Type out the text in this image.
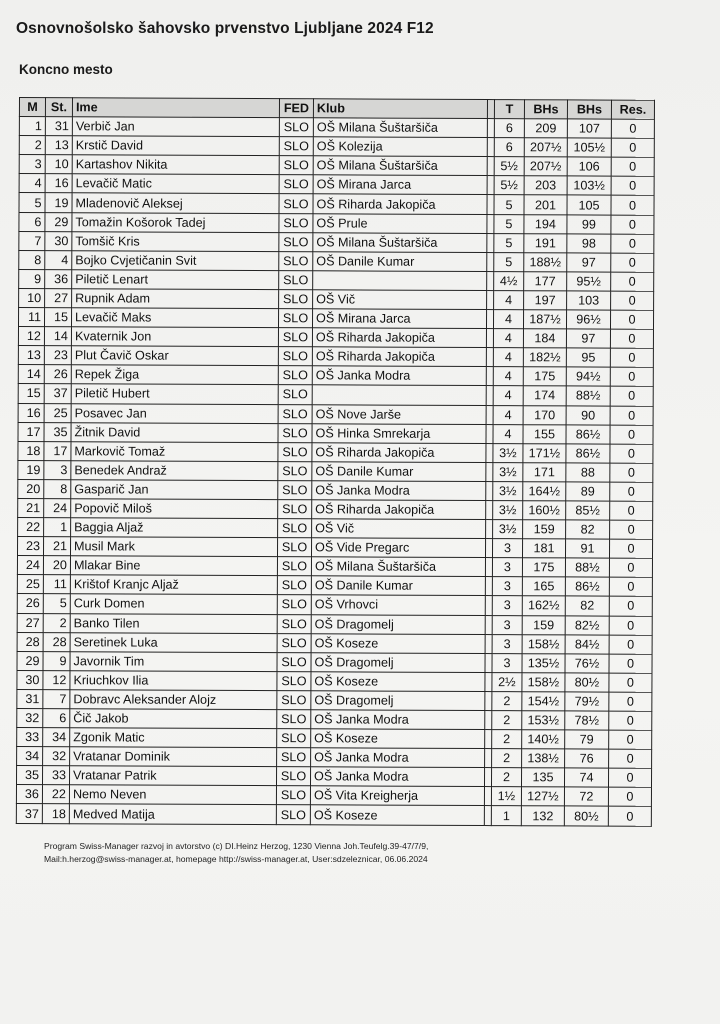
Osnovnošolsko šahovsko prvenstvo Ljubljane 2024 F12
Koncno mesto
M	St.	Ime	FED	Klub		T	BHs	BHs	Res.
1	31	Verbič Jan	SLO	OŠ Milana Šuštaršiča		6	209	107	0
2	13	Krstič David	SLO	OŠ Kolezija		6	207½	105½	0
3	10	Kartashov Nikita	SLO	OŠ Milana Šuštaršiča		5½	207½	106	0
4	16	Levačič Matic	SLO	OŠ Mirana Jarca		5½	203	103½	0
5	19	Mladenovič Aleksej	SLO	OŠ Riharda Jakopiča		5	201	105	0
6	29	Tomažin Košorok Tadej	SLO	OŠ Prule		5	194	99	0
7	30	Tomšič Kris	SLO	OŠ Milana Šuštaršiča		5	191	98	0
8	4	Bojko Cvjetičanin Svit	SLO	OŠ Danile Kumar		5	188½	97	0
9	36	Piletič Lenart	SLO			4½	177	95½	0
10	27	Rupnik Adam	SLO	OŠ Vič		4	197	103	0
11	15	Levačič Maks	SLO	OŠ Mirana Jarca		4	187½	96½	0
12	14	Kvaternik Jon	SLO	OŠ Riharda Jakopiča		4	184	97	0
13	23	Plut Čavič Oskar	SLO	OŠ Riharda Jakopiča		4	182½	95	0
14	26	Repek Žiga	SLO	OŠ Janka Modra		4	175	94½	0
15	37	Piletič Hubert	SLO			4	174	88½	0
16	25	Posavec Jan	SLO	OŠ Nove Jarše		4	170	90	0
17	35	Žitnik David	SLO	OŠ Hinka Smrekarja		4	155	86½	0
18	17	Markovič Tomaž	SLO	OŠ Riharda Jakopiča		3½	171½	86½	0
19	3	Benedek Andraž	SLO	OŠ Danile Kumar		3½	171	88	0
20	8	Gasparič Jan	SLO	OŠ Janka Modra		3½	164½	89	0
21	24	Popovič Miloš	SLO	OŠ Riharda Jakopiča		3½	160½	85½	0
22	1	Baggia Aljaž	SLO	OŠ Vič		3½	159	82	0
23	21	Musil Mark	SLO	OŠ Vide Pregarc		3	181	91	0
24	20	Mlakar Bine	SLO	OŠ Milana Šuštaršiča		3	175	88½	0
25	11	Krištof Kranjc Aljaž	SLO	OŠ Danile Kumar		3	165	86½	0
26	5	Curk Domen	SLO	OŠ Vrhovci		3	162½	82	0
27	2	Banko Tilen	SLO	OŠ Dragomelj		3	159	82½	0
28	28	Seretinek Luka	SLO	OŠ Koseze		3	158½	84½	0
29	9	Javornik Tim	SLO	OŠ Dragomelj		3	135½	76½	0
30	12	Kriuchkov Ilia	SLO	OŠ Koseze		2½	158½	80½	0
31	7	Dobravc Aleksander Alojz	SLO	OŠ Dragomelj		2	154½	79½	0
32	6	Čič Jakob	SLO	OŠ Janka Modra		2	153½	78½	0
33	34	Zgonik Matic	SLO	OŠ Koseze		2	140½	79	0
34	32	Vratanar Dominik	SLO	OŠ Janka Modra		2	138½	76	0
35	33	Vratanar Patrik	SLO	OŠ Janka Modra		2	135	74	0
36	22	Nemo Neven	SLO	OŠ Vita Kreigherja		1½	127½	72	0
37	18	Medved Matija	SLO	OŠ Koseze		1	132	80½	0
Program Swiss-Manager razvoj in avtorstvo (c) DI.Heinz Herzog, 1230 Vienna Joh.Teufelg.39-47/7/9,
Mail:h.herzog@swiss-manager.at, homepage http://swiss-manager.at, User:sdzeleznicar, 06.06.2024
